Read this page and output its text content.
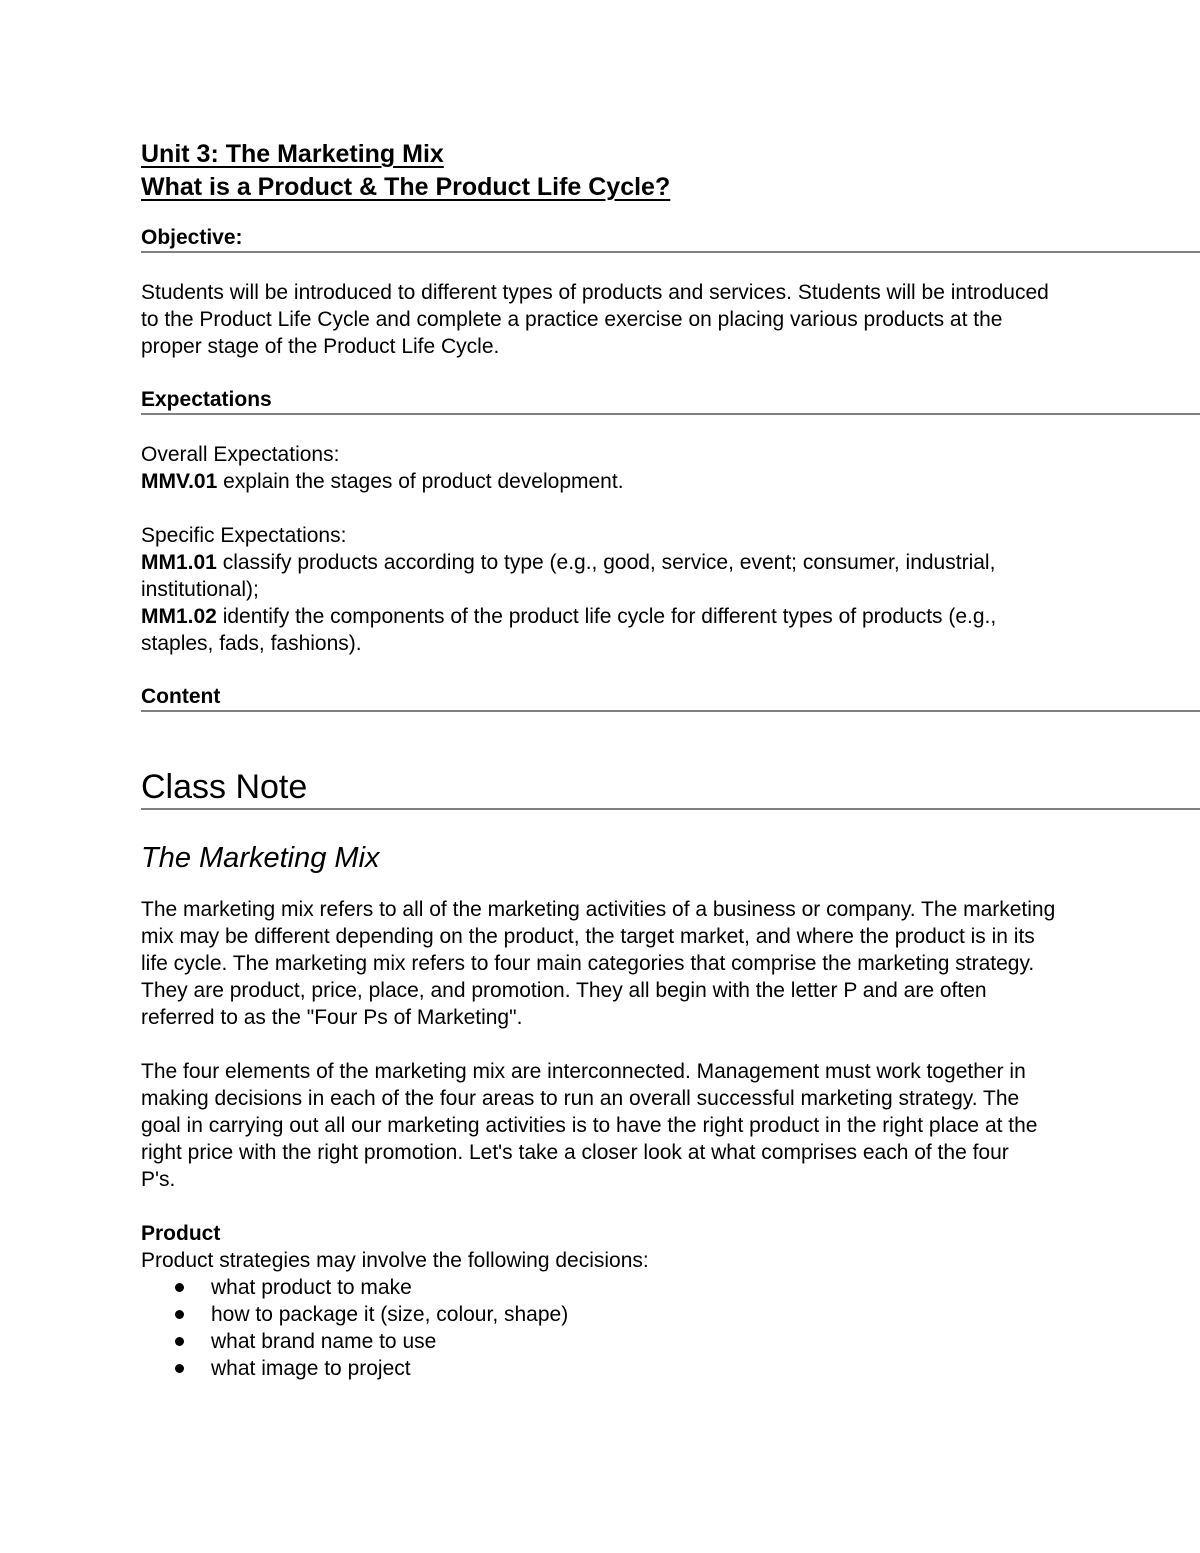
Unit 3: The Marketing Mix

What is a Product & The Product Life Cycle?

Objective:

Students will be introduced to different types of products and services. Students will be introduced to the Product Life Cycle and complete a practice exercise on placing various products at the proper stage of the Product Life Cycle.

Expectations

Overall Expectations:

MMV.01 explain the stages of product development.

Specific Expectations:

MM1.01 classify products according to type (e.g., good, service, event; consumer, industrial, institutional);

MM1.02 identify the components of the product life cycle for different types of products (e.g., staples, fads, fashions).

Content

Class Note

The Marketing Mix

The marketing mix refers to all of the marketing activities of a business or company. The marketing mix may be different depending on the product, the target market, and where the product is in its life cycle. The marketing mix refers to four main categories that comprise the marketing strategy. They are product, price, place, and promotion. They all begin with the letter P and are often referred to as the "Four Ps of Marketing".

The four elements of the marketing mix are interconnected. Management must work together in making decisions in each of the four areas to run an overall successful marketing strategy. The goal in carrying out all our marketing activities is to have the right product in the right place at the right price with the right promotion. Let's take a closer look at what comprises each of the four P's.

Product

Product strategies may involve the following decisions:

what product to make
how to package it (size, colour, shape)
what brand name to use
what image to project
